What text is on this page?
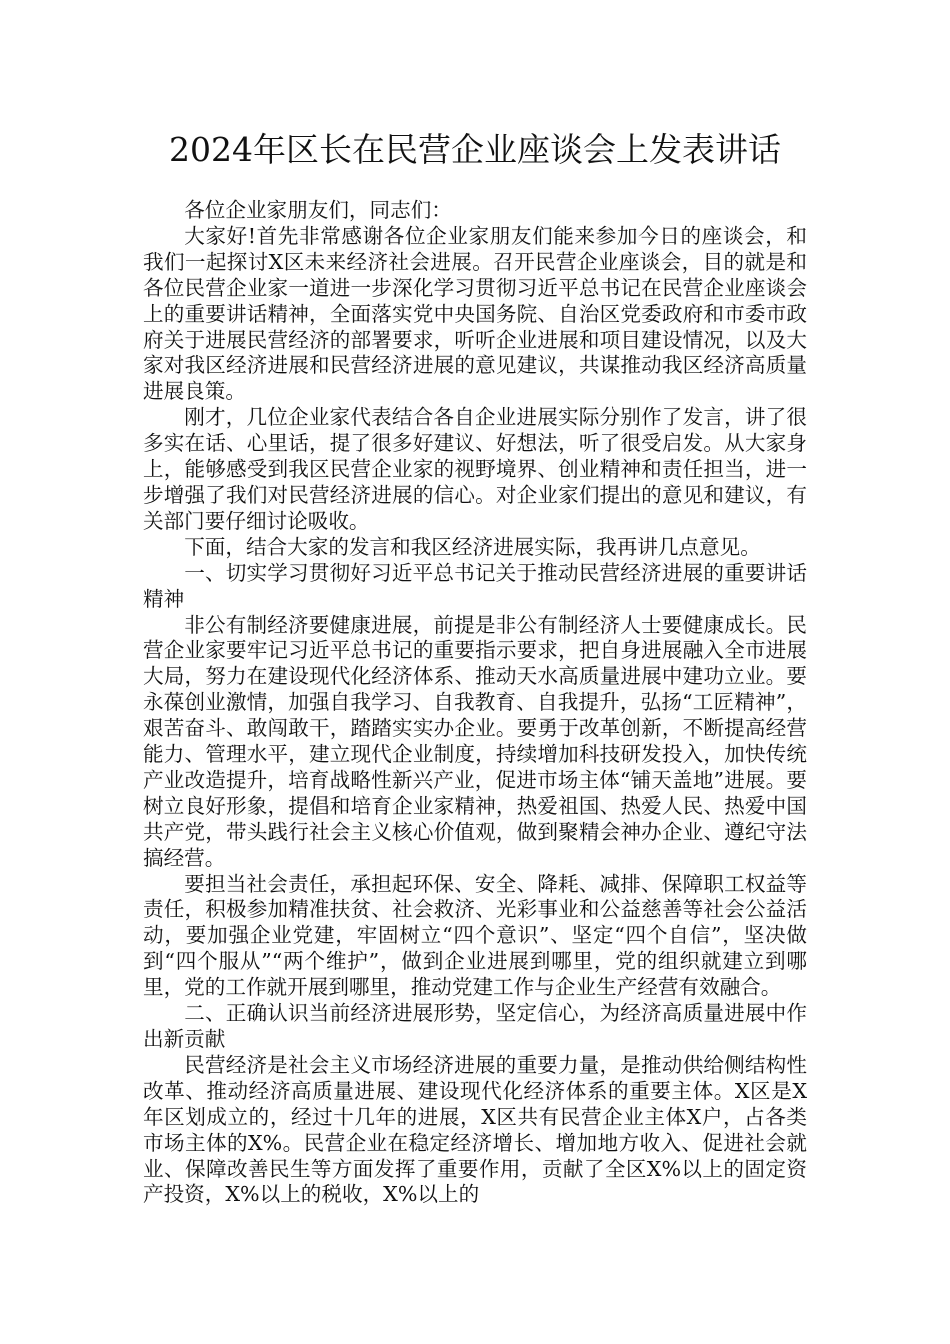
2024年区长在民营企业座谈会上发表讲话

各位企业家朋友们，同志们：

大家好!首先非常感谢各位企业家朋友们能来参加今日的座谈会，和我们一起探讨X区未来经济社会进展。召开民营企业座谈会，目的就是和各位民营企业家一道进一步深化学习贯彻习近平总书记在民营企业座谈会上的重要讲话精神，全面落实党中央国务院、自治区党委政府和市委市政府关于进展民营经济的部署要求，听听企业进展和项目建设情况，以及大家对我区经济进展和民营经济进展的意见建议，共谋推动我区经济高质量进展良策。

刚才，几位企业家代表结合各自企业进展实际分别作了发言，讲了很多实在话、心里话，提了很多好建议、好想法，听了很受启发。从大家身上，能够感受到我区民营企业家的视野境界、创业精神和责任担当，进一步增强了我们对民营经济进展的信心。对企业家们提出的意见和建议，有关部门要仔细讨论吸收。

下面，结合大家的发言和我区经济进展实际，我再讲几点意见。

一、切实学习贯彻好习近平总书记关于推动民营经济进展的重要讲话精神

非公有制经济要健康进展，前提是非公有制经济人士要健康成长。民营企业家要牢记习近平总书记的重要指示要求，把自身进展融入全市进展大局，努力在建设现代化经济体系、推动天水高质量进展中建功立业。要永葆创业激情，加强自我学习、自我教育、自我提升，弘扬“工匠精神”，艰苦奋斗、敢闯敢干，踏踏实实办企业。要勇于改革创新，不断提高经营能力、管理水平，建立现代企业制度，持续增加科技研发投入，加快传统产业改造提升，培育战略性新兴产业，促进市场主体“铺天盖地”进展。要树立良好形象，提倡和培育企业家精神，热爱祖国、热爱人民、热爱中国共产党，带头践行社会主义核心价值观，做到聚精会神办企业、遵纪守法搞经营。

要担当社会责任，承担起环保、安全、降耗、减排、保障职工权益等责任，积极参加精准扶贫、社会救济、光彩事业和公益慈善等社会公益活动，要加强企业党建，牢固树立“四个意识”、坚定“四个自信”，坚决做到“四个服从”“两个维护”，做到企业进展到哪里，党的组织就建立到哪里，党的工作就开展到哪里，推动党建工作与企业生产经营有效融合。

二、正确认识当前经济进展形势，坚定信心，为经济高质量进展中作出新贡献

民营经济是社会主义市场经济进展的重要力量，是推动供给侧结构性改革、推动经济高质量进展、建设现代化经济体系的重要主体。X区是X年区划成立的，经过十几年的进展，X区共有民营企业主体X户，占各类市场主体的X%。民营企业在稳定经济增长、增加地方收入、促进社会就业、保障改善民生等方面发挥了重要作用，贡献了全区X%以上的固定资产投资，X%以上的税收，X%以上的
